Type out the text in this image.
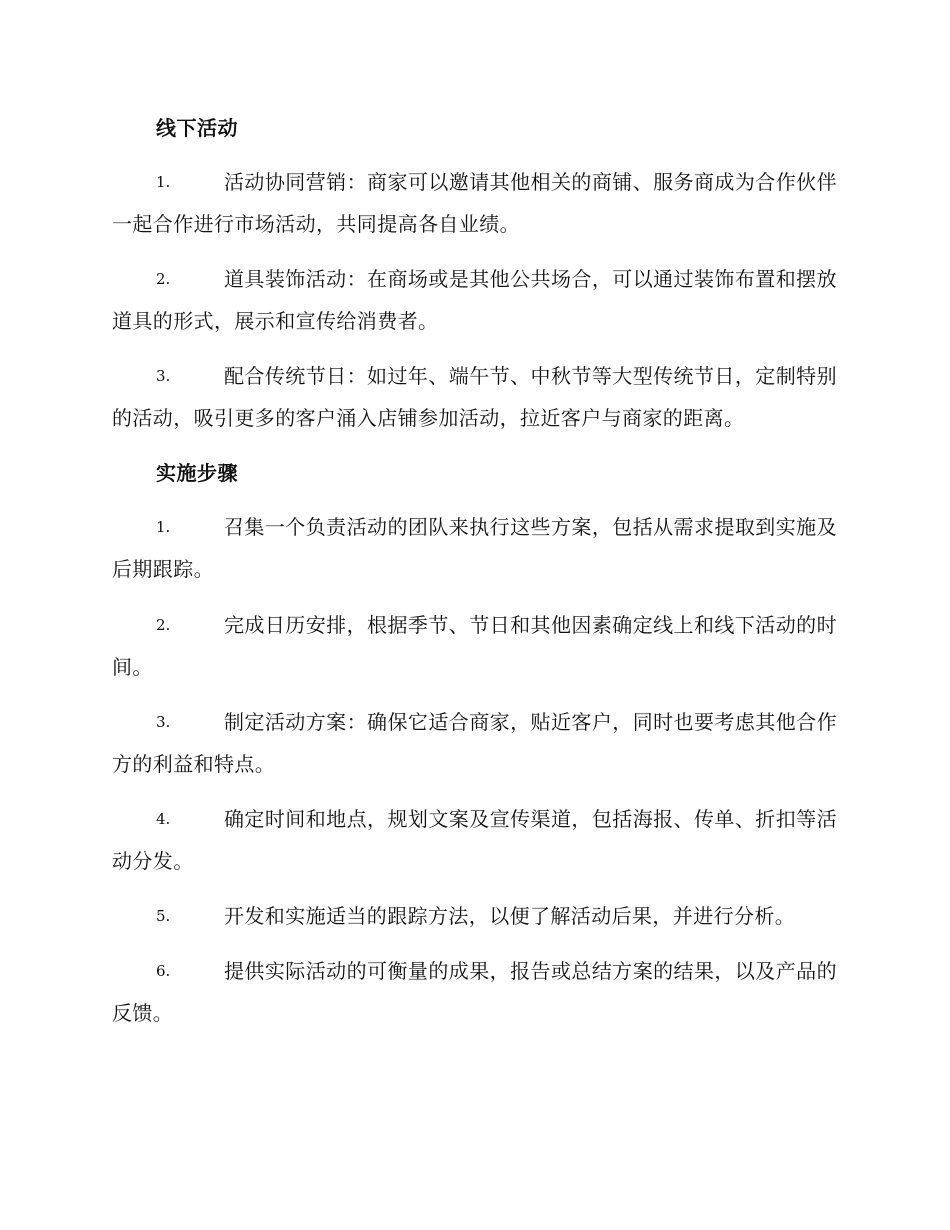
线下活动
1.	活动协同营销：商家可以邀请其他相关的商铺、服务商成为合作伙伴一起合作进行市场活动，共同提高各自业绩。
2.	道具装饰活动：在商场或是其他公共场合，可以通过装饰布置和摆放道具的形式，展示和宣传给消费者。
3.	配合传统节日：如过年、端午节、中秋节等大型传统节日，定制特别的活动，吸引更多的客户涌入店铺参加活动，拉近客户与商家的距离。
实施步骤
1.	召集一个负责活动的团队来执行这些方案，包括从需求提取到实施及后期跟踪。
2.	完成日历安排，根据季节、节日和其他因素确定线上和线下活动的时间。
3.	制定活动方案：确保它适合商家，贴近客户，同时也要考虑其他合作方的利益和特点。
4.	确定时间和地点，规划文案及宣传渠道，包括海报、传单、折扣等活动分发。
5.	开发和实施适当的跟踪方法，以便了解活动后果，并进行分析。
6.	提供实际活动的可衡量的成果，报告或总结方案的结果，以及产品的反馈。
